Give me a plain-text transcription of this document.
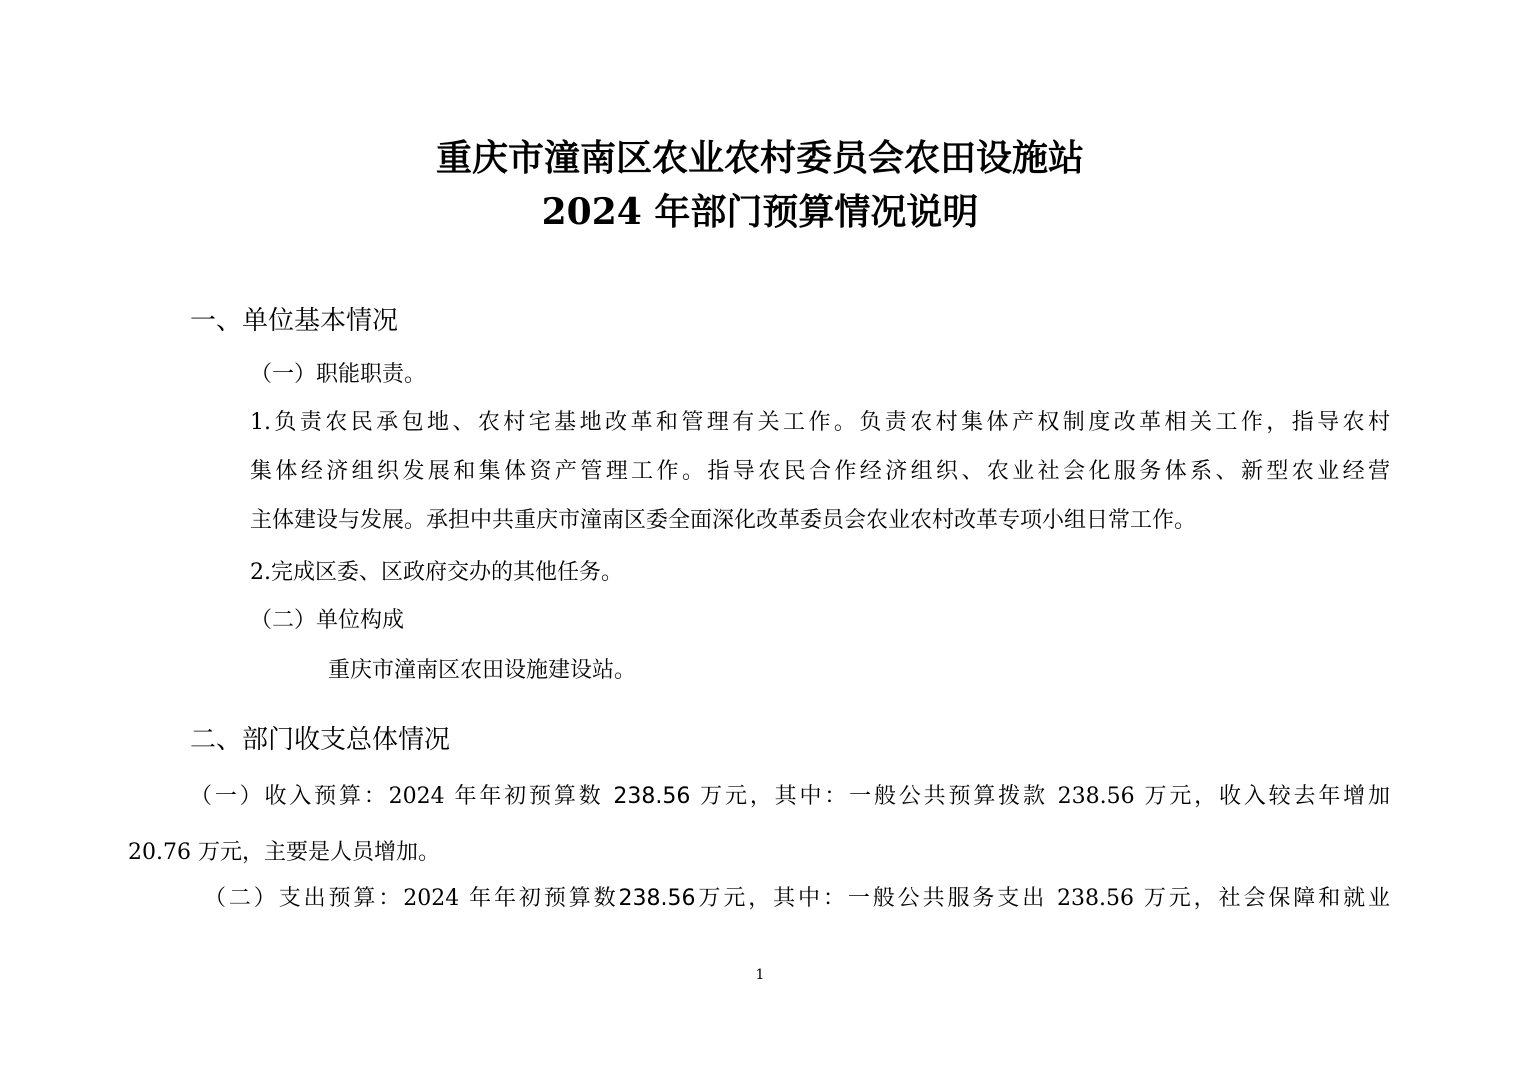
重庆市潼南区农业农村委员会农田设施站
2024 年部门预算情况说明
一、单位基本情况
（一）职能职责。
1.负责农民承包地、农村宅基地改革和管理有关工作。负责农村集体产权制度改革相关工作，指导农村
集体经济组织发展和集体资产管理工作。指导农民合作经济组织、农业社会化服务体系、新型农业经营
主体建设与发展。承担中共重庆市潼南区委全面深化改革委员会农业农村改革专项小组日常工作。
2.完成区委、区政府交办的其他任务。
（二）单位构成
重庆市潼南区农田设施建设站。
二、部门收支总体情况
（一）收入预算：2024 年年初预算数 238.56 万元，其中：一般公共预算拨款 238.56 万元，收入较去年增加
20.76 万元，主要是人员增加。
（二）支出预算：2024 年年初预算数238.56万元，其中：一般公共服务支出 238.56 万元，社会保障和就业
1
